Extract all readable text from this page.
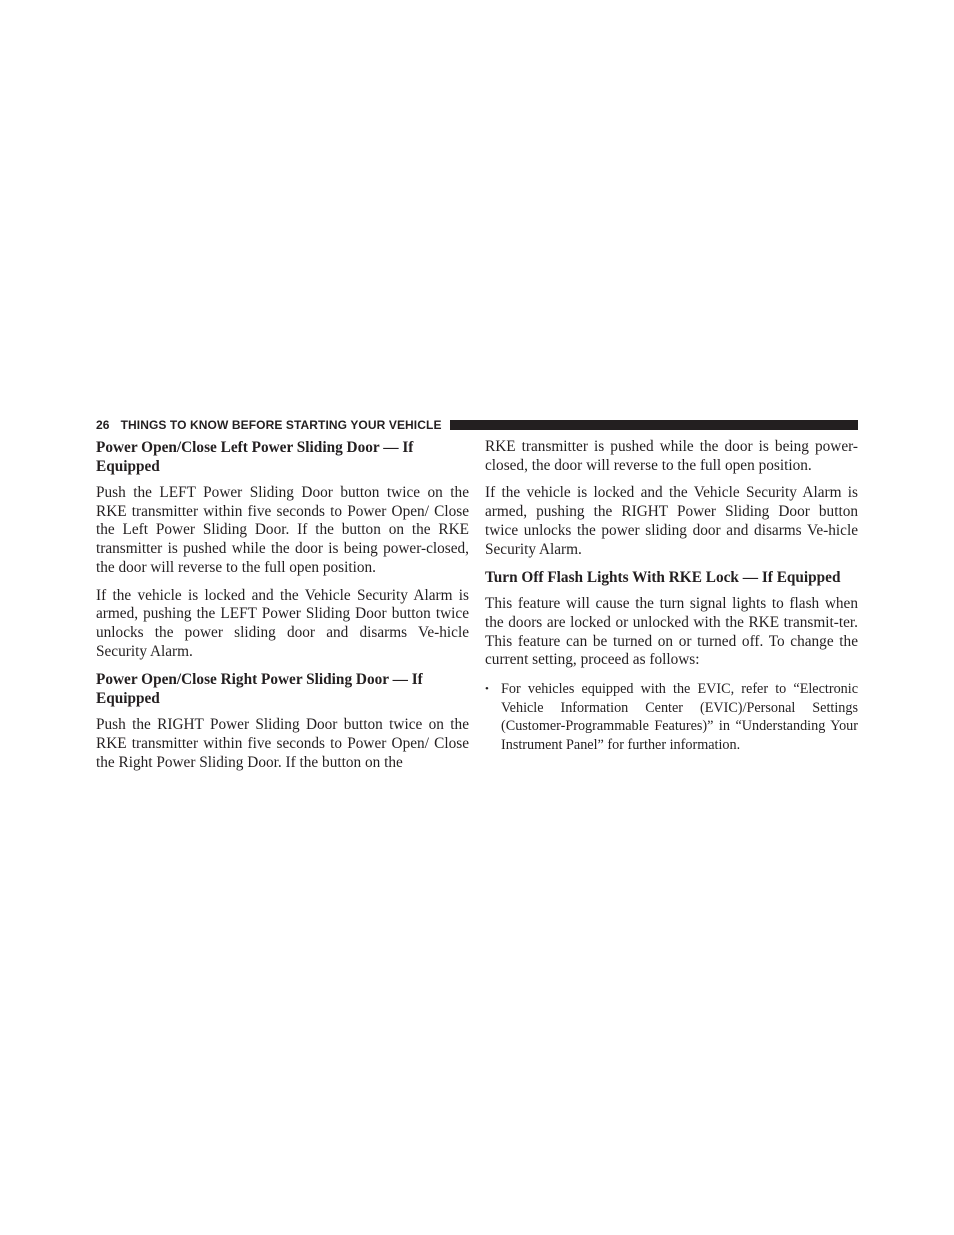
26 THINGS TO KNOW BEFORE STARTING YOUR VEHICLE
Power Open/Close Left Power Sliding Door — If Equipped

Push the LEFT Power Sliding Door button twice on the RKE transmitter within five seconds to Power Open/ Close the Left Power Sliding Door. If the button on the RKE transmitter is pushed while the door is being power-closed, the door will reverse to the full open position.

If the vehicle is locked and the Vehicle Security Alarm is armed, pushing the LEFT Power Sliding Door button twice unlocks the power sliding door and disarms Ve-hicle Security Alarm.

Power Open/Close Right Power Sliding Door — If Equipped

Push the RIGHT Power Sliding Door button twice on the RKE transmitter within five seconds to Power Open/ Close the Right Power Sliding Door. If the button on the

RKE transmitter is pushed while the door is being power-closed, the door will reverse to the full open position.

If the vehicle is locked and the Vehicle Security Alarm is armed, pushing the RIGHT Power Sliding Door button twice unlocks the power sliding door and disarms Ve-hicle Security Alarm.

Turn Off Flash Lights With RKE Lock — If Equipped

This feature will cause the turn signal lights to flash when the doors are locked or unlocked with the RKE transmit-ter. This feature can be turned on or turned off. To change the current setting, proceed as follows:

• For vehicles equipped with the EVIC, refer to “Electronic Vehicle Information Center (EVIC)/Personal Settings (Customer-Programmable Features)” in “Understanding Your Instrument Panel” for further information.
